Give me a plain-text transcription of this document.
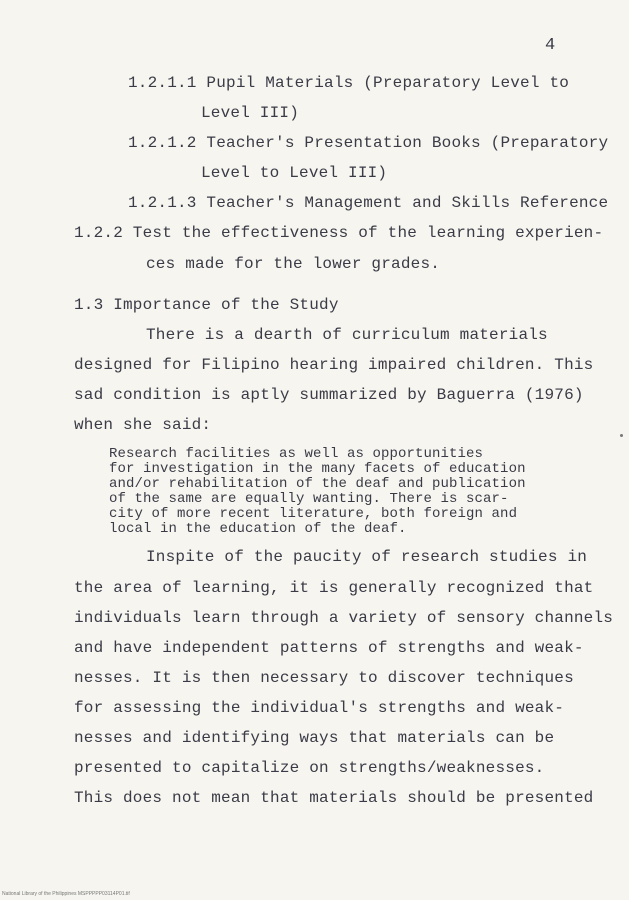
4
1.2.1.1 Pupil Materials (Preparatory Level to
Level III)
1.2.1.2 Teacher's Presentation Books (Preparatory
Level to Level III)
1.2.1.3 Teacher's Management and Skills Reference
1.2.2 Test the effectiveness of the learning experien-
ces made for the lower grades.
1.3 Importance of the Study
There is a dearth of curriculum materials
designed for Filipino hearing impaired children. This
sad condition is aptly summarized by Baguerra (1976)
when she said:
Research facilities as well as opportunities
for investigation in the many facets of education
and/or rehabilitation of the deaf and publication
of the same are equally wanting. There is scar-
city of more recent literature, both foreign and
local in the education of the deaf.
Inspite of the paucity of research studies in
the area of learning, it is generally recognized that
individuals learn through a variety of sensory channels
and have independent patterns of strengths and weak-
nesses. It is then necessary to discover techniques
for assessing the individual's strengths and weak-
nesses and identifying ways that materials can be
presented to capitalize on strengths/weaknesses.
This does not mean that materials should be presented
National Library of the Philippines MSPPPPP03114P01.tif
